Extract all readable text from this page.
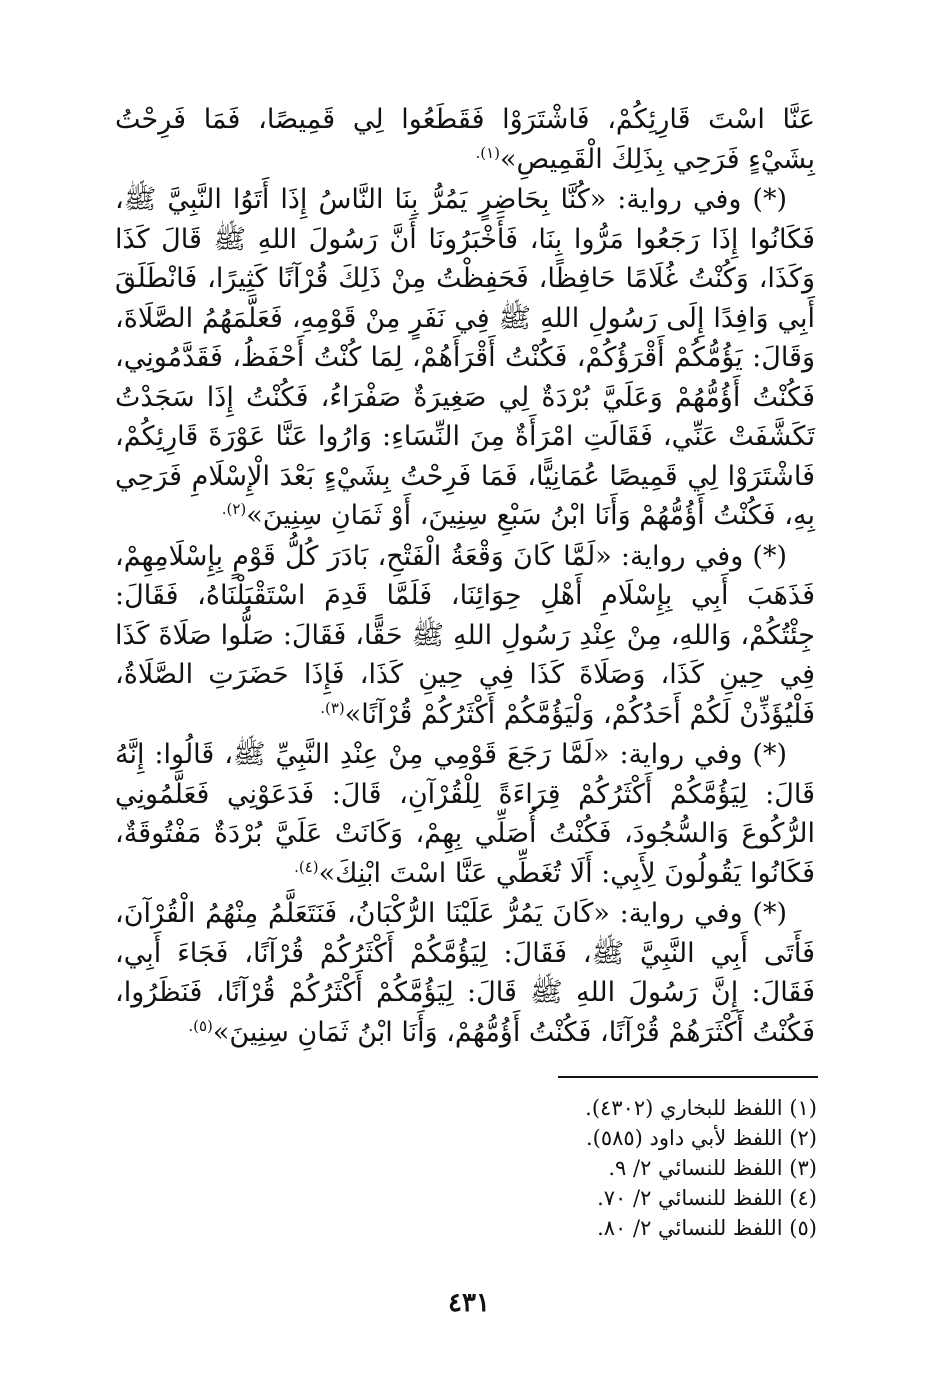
عَنَّا اسْتَ قَارِئِكُمْ، فَاشْتَرَوْا فَقَطَعُوا لِي قَمِيصًا، فَمَا فَرِحْتُ بِشَيْءٍ فَرَحِي بِذَلِكَ الْقَمِيصِ»$^{(١).}$

(*) وفي رواية: «كُنَّا بِحَاضِرٍ يَمُرُّ بِنَا النَّاسُ إِذَا أَتَوُا النَّبِيَّ ﷺ، فَكَانُوا إِذَا رَجَعُوا مَرُّوا بِنَا، فَأَخْبَرُونَا أَنَّ رَسُولَ اللهِ ﷺ قَالَ كَذَا وَكَذَا، وَكُنْتُ غُلَامًا حَافِظًا، فَحَفِظْتُ مِنْ ذَلِكَ قُرْآنًا كَثِيرًا، فَانْطَلَقَ أَبِي وَافِدًا إِلَى رَسُولِ اللهِ ﷺ فِي نَفَرٍ مِنْ قَوْمِهِ، فَعَلَّمَهُمُ الصَّلَاةَ، وَقَالَ: يَؤُمُّكُمْ أَقْرَؤُكُمْ، فَكُنْتُ أَقْرَأَهُمْ، لِمَا كُنْتُ أَحْفَظُ، فَقَدَّمُونِي، فَكُنْتُ أَؤُمُّهُمْ وَعَلَيَّ بُرْدَةٌ لِي صَغِيرَةٌ صَفْرَاءُ، فَكُنْتُ إِذَا سَجَدْتُ تَكَشَّفَتْ عَنِّي، فَقَالَتِ امْرَأَةٌ مِنَ النِّسَاءِ: وَارُوا عَنَّا عَوْرَةَ قَارِئِكُمْ، فَاشْتَرَوْا لِي قَمِيصًا عُمَانِيًّا، فَمَا فَرِحْتُ بِشَيْءٍ بَعْدَ الْإِسْلَامِ فَرَحِي بِهِ، فَكُنْتُ أَؤُمُّهُمْ وَأَنَا ابْنُ سَبْعِ سِنِينَ، أَوْ ثَمَانِ سِنِينَ»$^{(٢).}$

(*) وفي رواية: «لَمَّا كَانَ وَقْعَةُ الْفَتْحِ، بَادَرَ كُلُّ قَوْمٍ بِإِسْلَامِهِمْ، فَذَهَبَ أَبِي بِإِسْلَامِ أَهْلِ حِوَائِنَا، فَلَمَّا قَدِمَ اسْتَقْبَلْنَاهُ، فَقَالَ: جِئْتُكُمْ، وَاللهِ، مِنْ عِنْدِ رَسُولِ اللهِ ﷺ حَقًّا، فَقَالَ: صَلُّوا صَلَاةَ كَذَا فِي حِينِ كَذَا، وَصَلَاةَ كَذَا فِي حِينِ كَذَا، فَإِذَا حَضَرَتِ الصَّلَاةُ، فَلْيُؤَذِّنْ لَكُمْ أَحَدُكُمْ، وَلْيَؤُمَّكُمْ أَكْثَرُكُمْ قُرْآنًا»$^{(٣).}$

(*) وفي رواية: «لَمَّا رَجَعَ قَوْمِي مِنْ عِنْدِ النَّبِيِّ ﷺ، قَالُوا: إِنَّهُ قَالَ: لِيَؤُمَّكُمْ أَكْثَرُكُمْ قِرَاءَةً لِلْقُرْآنِ، قَالَ: فَدَعَوْنِي فَعَلَّمُونِي الرُّكُوعَ وَالسُّجُودَ، فَكُنْتُ أُصَلِّي بِهِمْ، وَكَانَتْ عَلَيَّ بُرْدَةٌ مَفْتُوقَةٌ، فَكَانُوا يَقُولُونَ لِأَبِي: أَلَا تُغَطِّي عَنَّا اسْتَ ابْنِكَ»$^{(٤).}$

(*) وفي رواية: «كَانَ يَمُرُّ عَلَيْنَا الرُّكْبَانُ، فَنَتَعَلَّمُ مِنْهُمُ الْقُرْآنَ، فَأَتَى أَبِي النَّبِيَّ ﷺ، فَقَالَ: لِيَؤُمَّكُمْ أَكْثَرُكُمْ قُرْآنًا، فَجَاءَ أَبِي، فَقَالَ: إِنَّ رَسُولَ اللهِ ﷺ قَالَ: لِيَؤُمَّكُمْ أَكْثَرُكُمْ قُرْآنًا، فَنَظَرُوا، فَكُنْتُ أَكْثَرَهُمْ قُرْآنًا، فَكُنْتُ أَؤُمُّهُمْ، وَأَنَا ابْنُ ثَمَانِ سِنِينَ»$^{(٥).}$

(١) اللفظ للبخاري (٤٣٠٢).

(٢) اللفظ لأبي داود (٥٨٥).

(٣) اللفظ للنسائي ٢/ ٩.

(٤) اللفظ للنسائي ٢/ ٧٠.

(٥) اللفظ للنسائي ٢/ ٨٠.

٤٣١
